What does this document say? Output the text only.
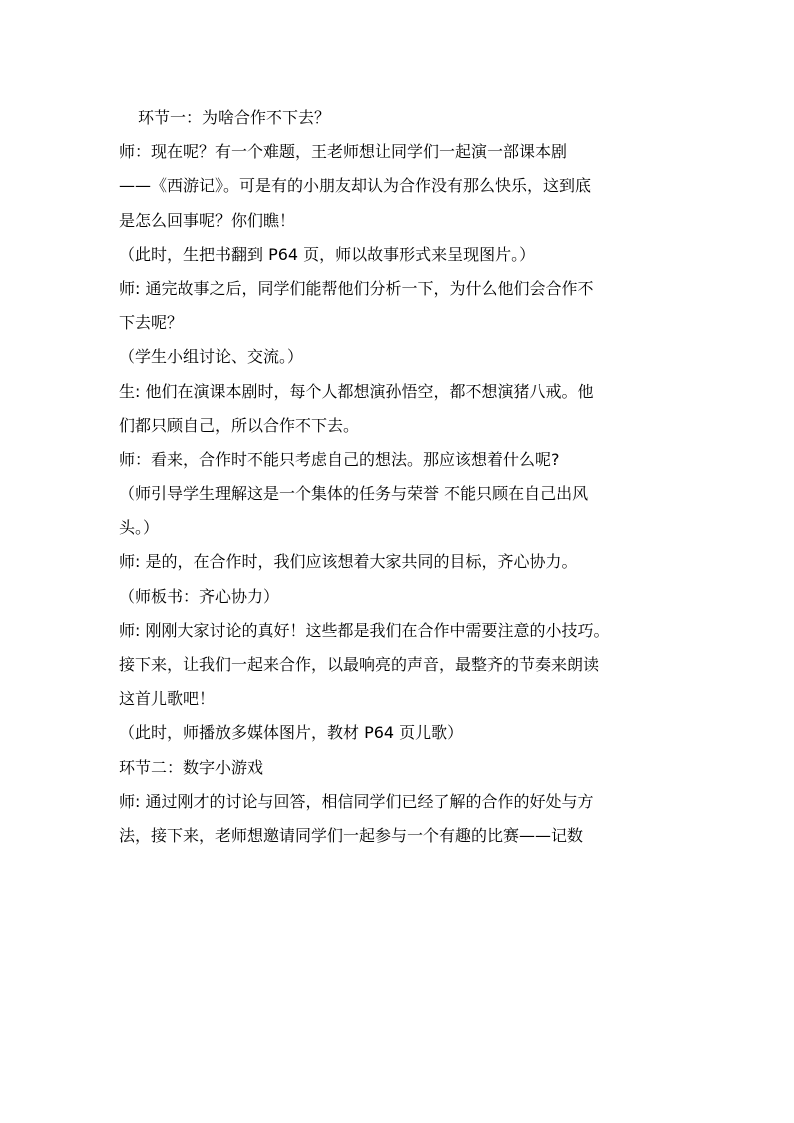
环节一：为啥合作不下去？
师：现在呢？有一个难题，王老师想让同学们一起演一部课本剧
——《西游记》。可是有的小朋友却认为合作没有那么快乐，这到底
是怎么回事呢？你们瞧！
（此时，生把书翻到 P64 页，师以故事形式来呈现图片。）
师: 通完故事之后，同学们能帮他们分析一下，为什么他们会合作不
下去呢？
（学生小组讨论、交流。）
生: 他们在演课本剧时，每个人都想演孙悟空，都不想演猪八戒。他
们都只顾自己，所以合作不下去。
师：看来，合作时不能只考虑自己的想法。那应该想着什么呢?
（师引导学生理解这是一个集体的任务与荣誉 不能只顾在自己出风
头。）
师: 是的，在合作时，我们应该想着大家共同的目标，齐心协力。
（师板书：齐心协力）
师: 刚刚大家讨论的真好！这些都是我们在合作中需要注意的小技巧。
接下来，让我们一起来合作，以最响亮的声音，最整齐的节奏来朗读
这首儿歌吧！
（此时，师播放多媒体图片，教材 P64 页儿歌）
环节二：数字小游戏
师: 通过刚才的讨论与回答，相信同学们已经了解的合作的好处与方
法，接下来，老师想邀请同学们一起参与一个有趣的比赛——记数
